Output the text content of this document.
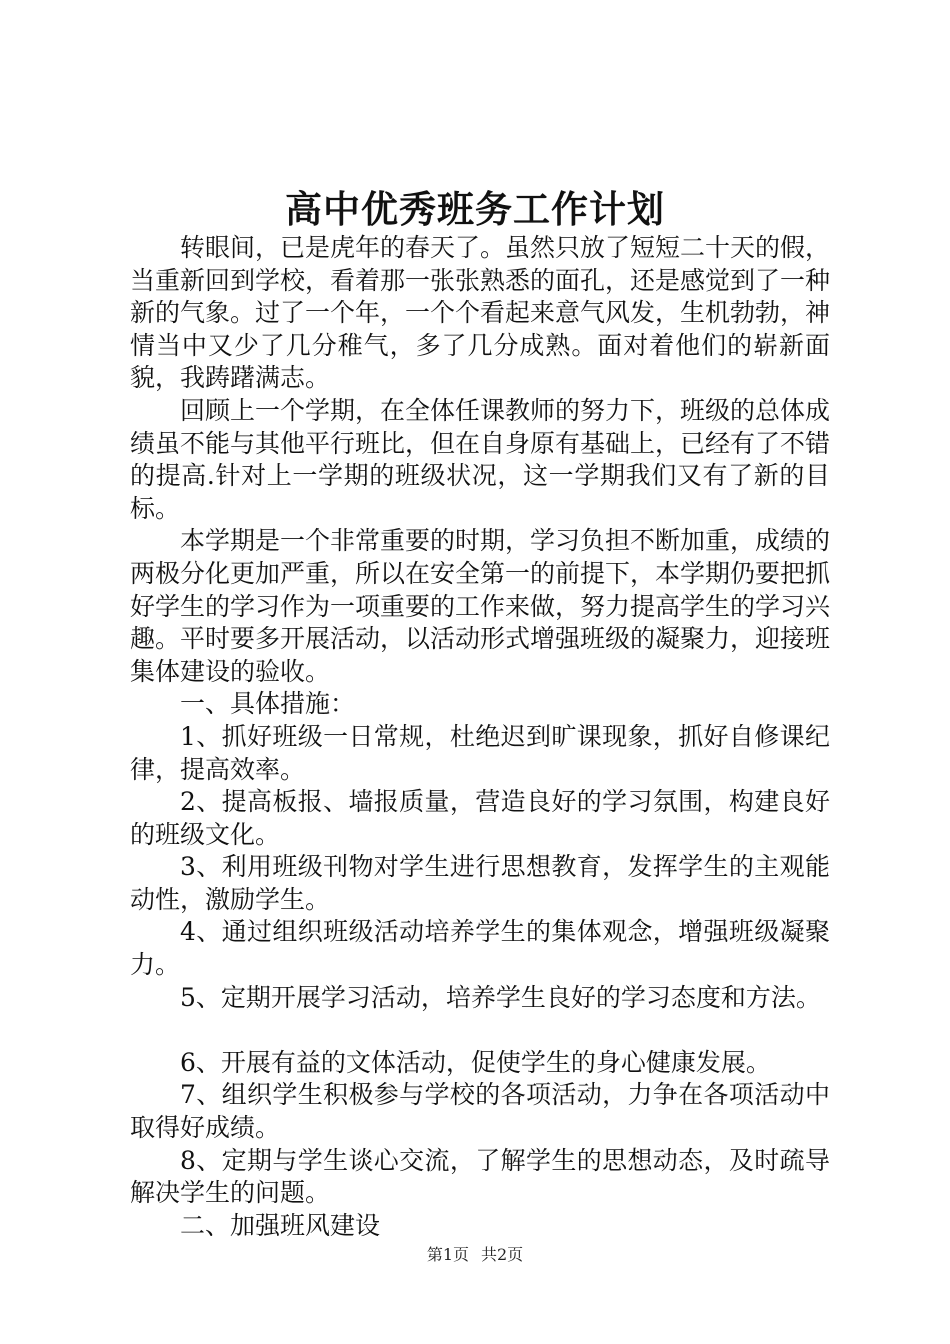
高中优秀班务工作计划

转眼间，已是虎年的春天了。虽然只放了短短二十天的假，当重新回到学校，看着那一张张熟悉的面孔，还是感觉到了一种新的气象。过了一个年，一个个看起来意气风发，生机勃勃，神情当中又少了几分稚气，多了几分成熟。面对着他们的崭新面貌，我踌躇满志。

回顾上一个学期，在全体任课教师的努力下，班级的总体成绩虽不能与其他平行班比，但在自身原有基础上，已经有了不错的提高.针对上一学期的班级状况，这一学期我们又有了新的目标。

本学期是一个非常重要的时期，学习负担不断加重，成绩的两极分化更加严重，所以在安全第一的前提下，本学期仍要把抓好学生的学习作为一项重要的工作来做，努力提高学生的学习兴趣。平时要多开展活动，以活动形式增强班级的凝聚力，迎接班集体建设的验收。

一、具体措施：

1、抓好班级一日常规，杜绝迟到旷课现象，抓好自修课纪律，提高效率。

2、提高板报、墙报质量，营造良好的学习氛围，构建良好的班级文化。

3、利用班级刊物对学生进行思想教育，发挥学生的主观能动性，激励学生。

4、通过组织班级活动培养学生的集体观念，增强班级凝聚力。

5、定期开展学习活动，培养学生良好的学习态度和方法。

6、开展有益的文体活动，促使学生的身心健康发展。

7、组织学生积极参与学校的各项活动，力争在各项活动中取得好成绩。

8、定期与学生谈心交流，了解学生的思想动态，及时疏导解决学生的问题。

二、加强班风建设

第1页 共2页
